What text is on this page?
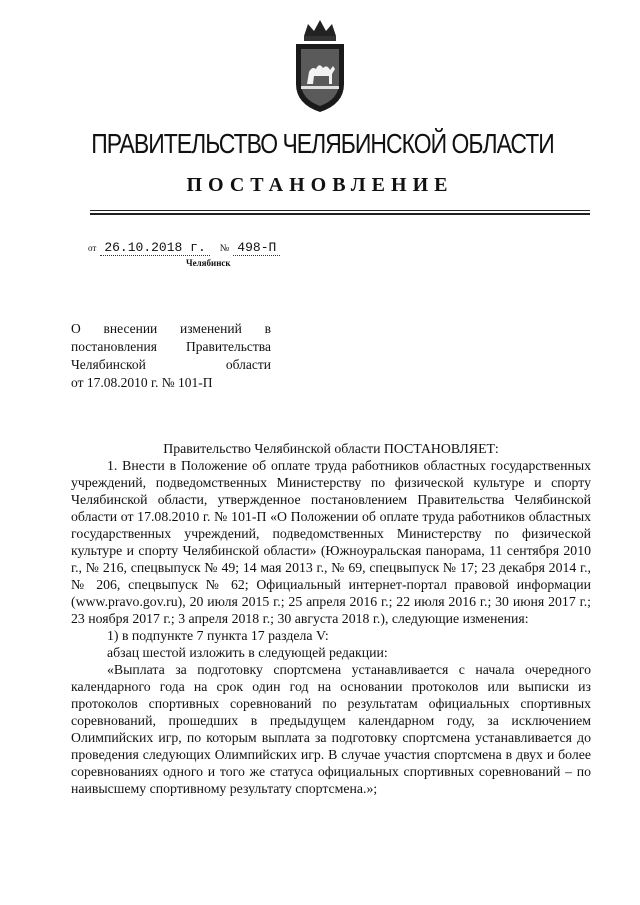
ПРАВИТЕЛЬСТВО ЧЕЛЯБИНСКОЙ ОБЛАСТИ
ПОСТАНОВЛЕНИЕ
от 26.10.2018 г. № 498-П
Челябинск
О внесении изменений в
постановления Правительства
Челябинской области
от 17.08.2010 г. № 101-П

Правительство Челябинской области ПОСТАНОВЛЯЕТ:

1. Внести в Положение об оплате труда работников областных государственных учреждений, подведомственных Министерству по физической культуре и спорту Челябинской области, утвержденное постановлением Правительства Челябинской области от 17.08.2010 г. № 101-П «О Положении об оплате труда работников областных государственных учреждений, подведомственных Министерству по физической культуре и спорту Челябинской области» (Южноуральская панорама, 11 сентября 2010 г., № 216, спецвыпуск № 49; 14 мая 2013 г., № 69, спецвыпуск № 17; 23 декабря 2014 г., № 206, спецвыпуск № 62; Официальный интернет-портал правовой информации (www.pravo.gov.ru), 20 июля 2015 г.; 25 апреля 2016 г.; 22 июля 2016 г.; 30 июня 2017 г.; 23 ноября 2017 г.; 3 апреля 2018 г.; 30 августа 2018 г.), следующие изменения:

1) в подпункте 7 пункта 17 раздела V:

абзац шестой изложить в следующей редакции:

«Выплата за подготовку спортсмена устанавливается с начала очередного календарного года на срок один год на основании протоколов или выписки из протоколов спортивных соревнований по результатам официальных спортивных соревнований, прошедших в предыдущем календарном году, за исключением Олимпийских игр, по которым выплата за подготовку спортсмена устанавливается до проведения следующих Олимпийских игр. В случае участия спортсмена в двух и более соревнованиях одного и того же статуса официальных спортивных соревнований – по наивысшему спортивному результату спортсмена.»;
